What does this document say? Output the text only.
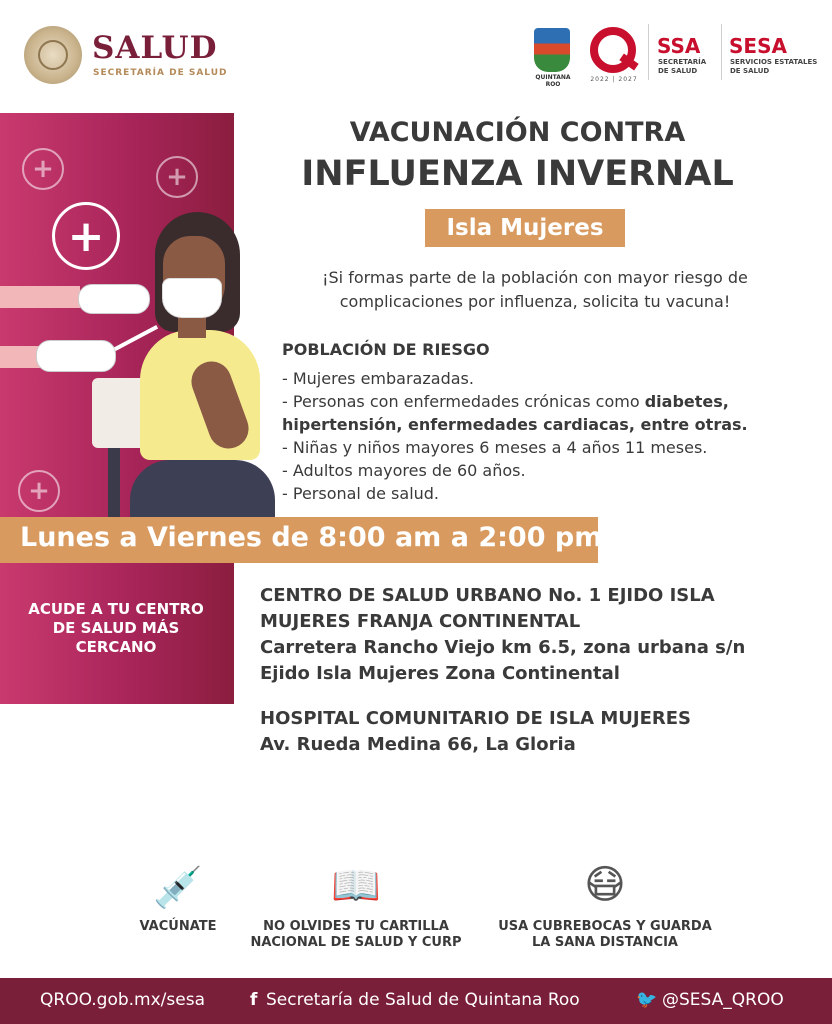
SALUD
SECRETARÍA DE SALUD	QUINTANA ROO
2022 | 2027
SSA
SECRETARÍA
DE SALUD
SESA
SERVICIOS ESTATALES
DE SALUD
+	+
+
+
ACUDE A TU CENTRO DE SALUD MÁS CERCANO
VACUNACIÓN CONTRA
INFLUENZA INVERNAL
Isla Mujeres
¡Si formas parte de la población con mayor riesgo de complicaciones por influenza, solicita tu vacuna!
POBLACIÓN DE RIESGO
- Mujeres embarazadas.
- Personas con enfermedades crónicas como diabetes,
hipertensión, enfermedades cardiacas, entre otras.
- Niñas y niños mayores 6 meses a 4 años 11 meses.
- Adultos mayores de 60 años.
- Personal de salud.
Lunes a Viernes de 8:00 am a 2:00 pm
CENTRO DE SALUD URBANO No. 1 EJIDO ISLA
MUJERES FRANJA CONTINENTAL
Carretera Rancho Viejo km 6.5, zona urbana s/n
Ejido Isla Mujeres Zona Continental
HOSPITAL COMUNITARIO DE ISLA MUJERES
Av. Rueda Medina 66, La Gloria
💉
VACÚNATE
📖
NO OLVIDES TU CARTILLA
NACIONAL DE SALUD Y CURP
😷
USA CUBREBOCAS Y GUARDA
LA SANA DISTANCIA
QROO.gob.mx/sesa	f Secretaría de Salud de Quintana Roo	🐦 @SESA_QROO
